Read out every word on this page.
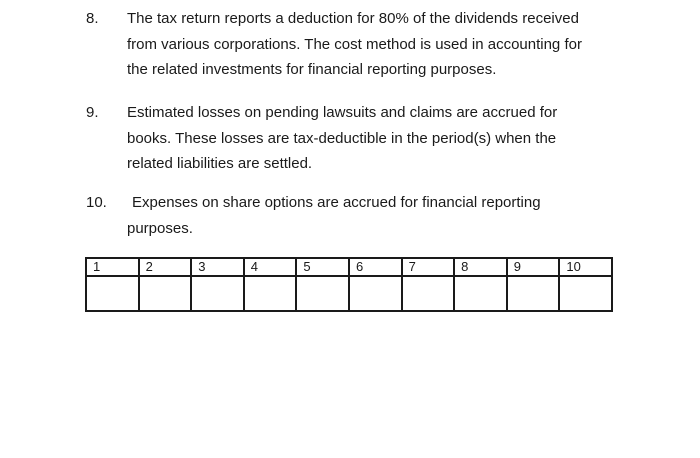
8. The tax return reports a deduction for 80% of the dividends received
from various corporations. The cost method is used in accounting for
the related investments for financial reporting purposes.
9. Estimated losses on pending lawsuits and claims are accrued for
books. These losses are tax-deductible in the period(s) when the
related liabilities are settled.
10.	Expenses on share options are accrued for financial reporting
purposes.
1	2	3	4	5	6	7	8	9	10
